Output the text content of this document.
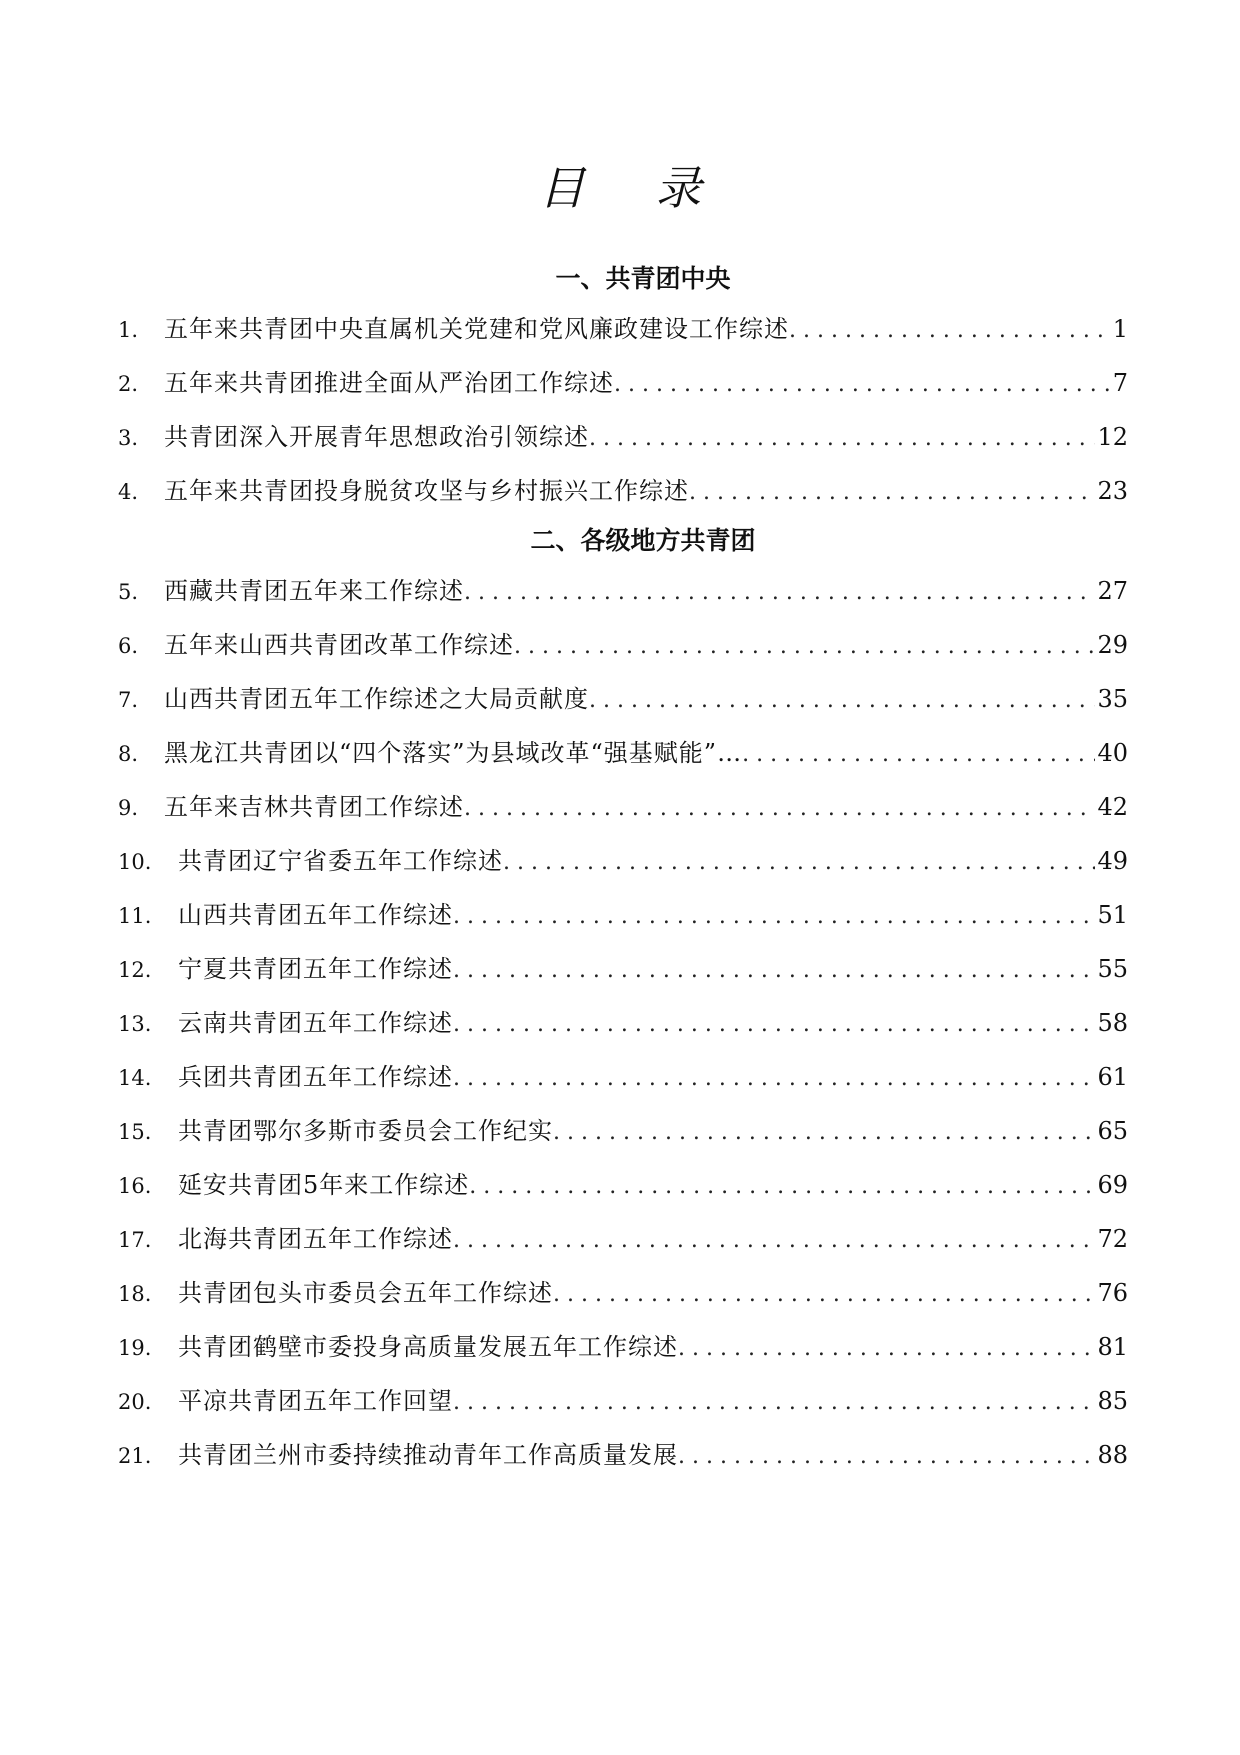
目 录
一、共青团中央
1.	五年来共青团中央直属机关党建和党风廉政建设工作综述 .....	1
2.	五年来共青团推进全面从严治团工作综述 .....	7
3.	共青团深入开展青年思想政治引领综述 .....	12
4.	五年来共青团投身脱贫攻坚与乡村振兴工作综述 .....	23
二、各级地方共青团
5.	西藏共青团五年来工作综述 .....	27
6.	五年来山西共青团改革工作综述 .....	29
7.	山西共青团五年工作综述之大局贡献度 .....	35
8.	黑龙江共青团以“四个落实”为县域改革“强基赋能”… .....	40
9.	五年来吉林共青团工作综述 .....	42
10.	共青团辽宁省委五年工作综述 .....	49
11.	山西共青团五年工作综述 .....	51
12.	宁夏共青团五年工作综述 .....	55
13.	云南共青团五年工作综述 .....	58
14.	兵团共青团五年工作综述 .....	61
15.	共青团鄂尔多斯市委员会工作纪实 .....	65
16.	延安共青团5年来工作综述 .....	69
17.	北海共青团五年工作综述 .....	72
18.	共青团包头市委员会五年工作综述 .....	76
19.	共青团鹤壁市委投身高质量发展五年工作综述 .....	81
20.	平凉共青团五年工作回望 .....	85
21.	共青团兰州市委持续推动青年工作高质量发展 .....	88
